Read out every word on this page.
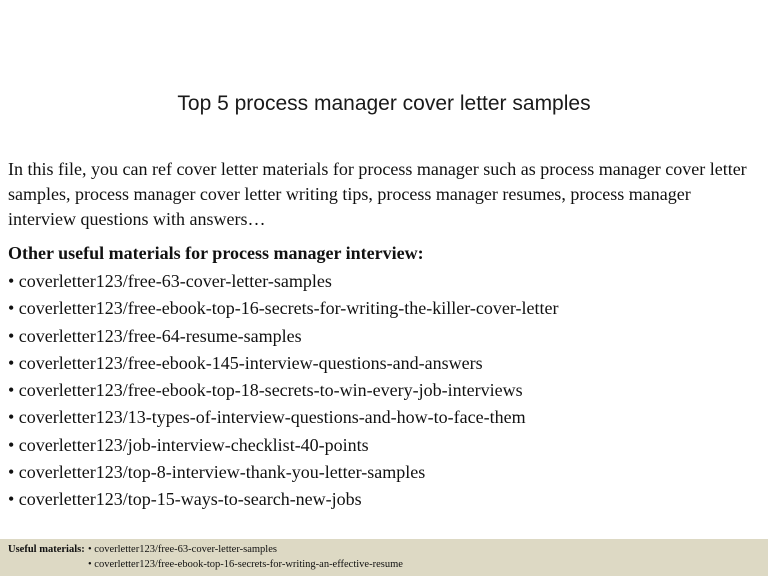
Top 5 process manager cover letter samples

In this file, you can ref cover letter materials for process manager such as process manager cover letter samples, process manager cover letter writing tips, process manager resumes, process manager interview questions with answers…

Other useful materials for process manager interview:
• coverletter123/free-63-cover-letter-samples
• coverletter123/free-ebook-top-16-secrets-for-writing-the-killer-cover-letter
• coverletter123/free-64-resume-samples
• coverletter123/free-ebook-145-interview-questions-and-answers
• coverletter123/free-ebook-top-18-secrets-to-win-every-job-interviews
• coverletter123/13-types-of-interview-questions-and-how-to-face-them
• coverletter123/job-interview-checklist-40-points
• coverletter123/top-8-interview-thank-you-letter-samples
• coverletter123/top-15-ways-to-search-new-jobs
Useful materials: • coverletter123/free-63-cover-letter-samples
• coverletter123/free-ebook-top-16-secrets-for-writing-an-effective-resume
